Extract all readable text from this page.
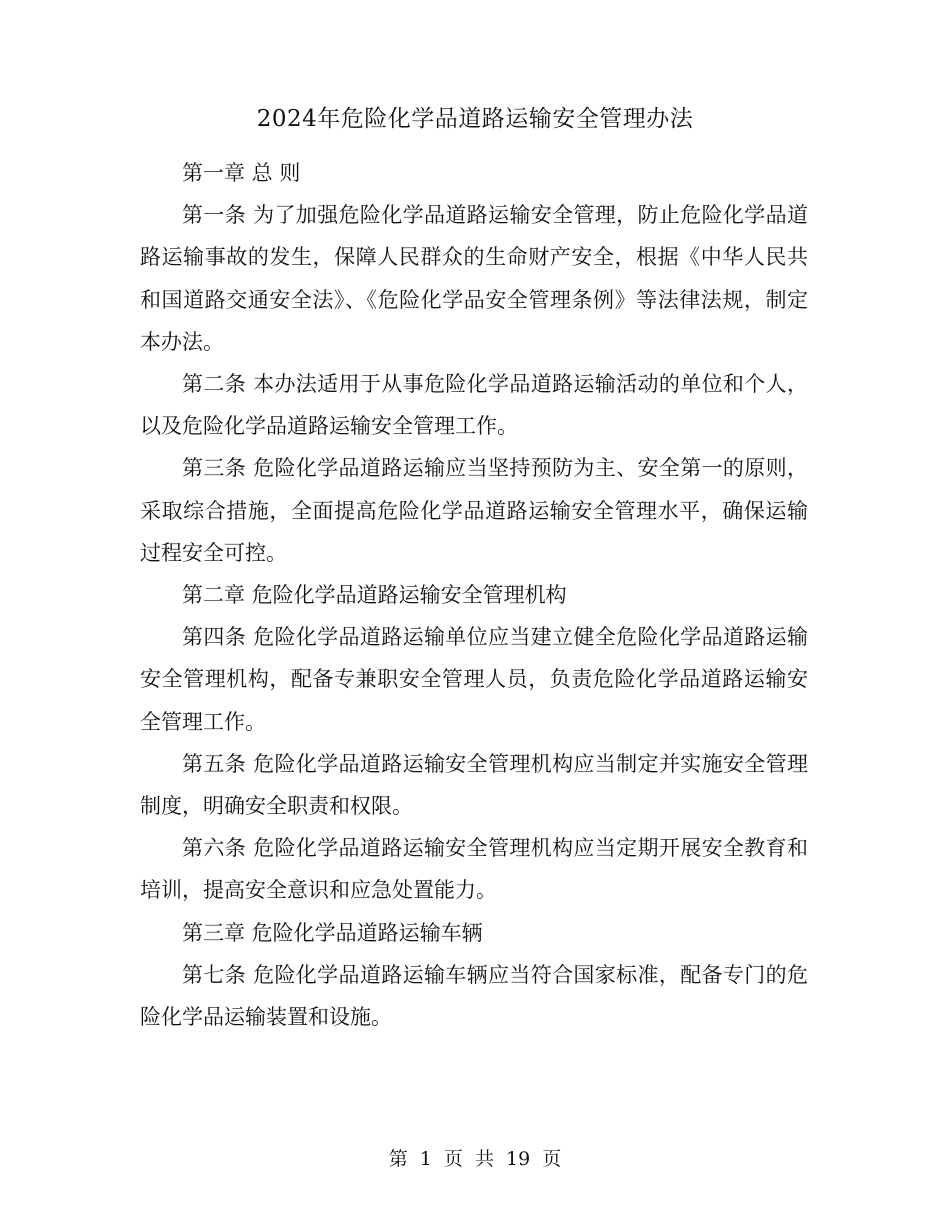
2024年危险化学品道路运输安全管理办法

第一章 总 则

第一条 为了加强危险化学品道路运输安全管理，防止危险化学品道路运输事故的发生，保障人民群众的生命财产安全，根据《中华人民共和国道路交通安全法》、《危险化学品安全管理条例》等法律法规，制定本办法。

第二条 本办法适用于从事危险化学品道路运输活动的单位和个人，以及危险化学品道路运输安全管理工作。

第三条 危险化学品道路运输应当坚持预防为主、安全第一的原则，采取综合措施，全面提高危险化学品道路运输安全管理水平，确保运输过程安全可控。

第二章 危险化学品道路运输安全管理机构

第四条 危险化学品道路运输单位应当建立健全危险化学品道路运输安全管理机构，配备专兼职安全管理人员，负责危险化学品道路运输安全管理工作。

第五条 危险化学品道路运输安全管理机构应当制定并实施安全管理制度，明确安全职责和权限。

第六条 危险化学品道路运输安全管理机构应当定期开展安全教育和培训，提高安全意识和应急处置能力。

第三章 危险化学品道路运输车辆

第七条 危险化学品道路运输车辆应当符合国家标准，配备专门的危险化学品运输装置和设施。

第 1 页 共 19 页
